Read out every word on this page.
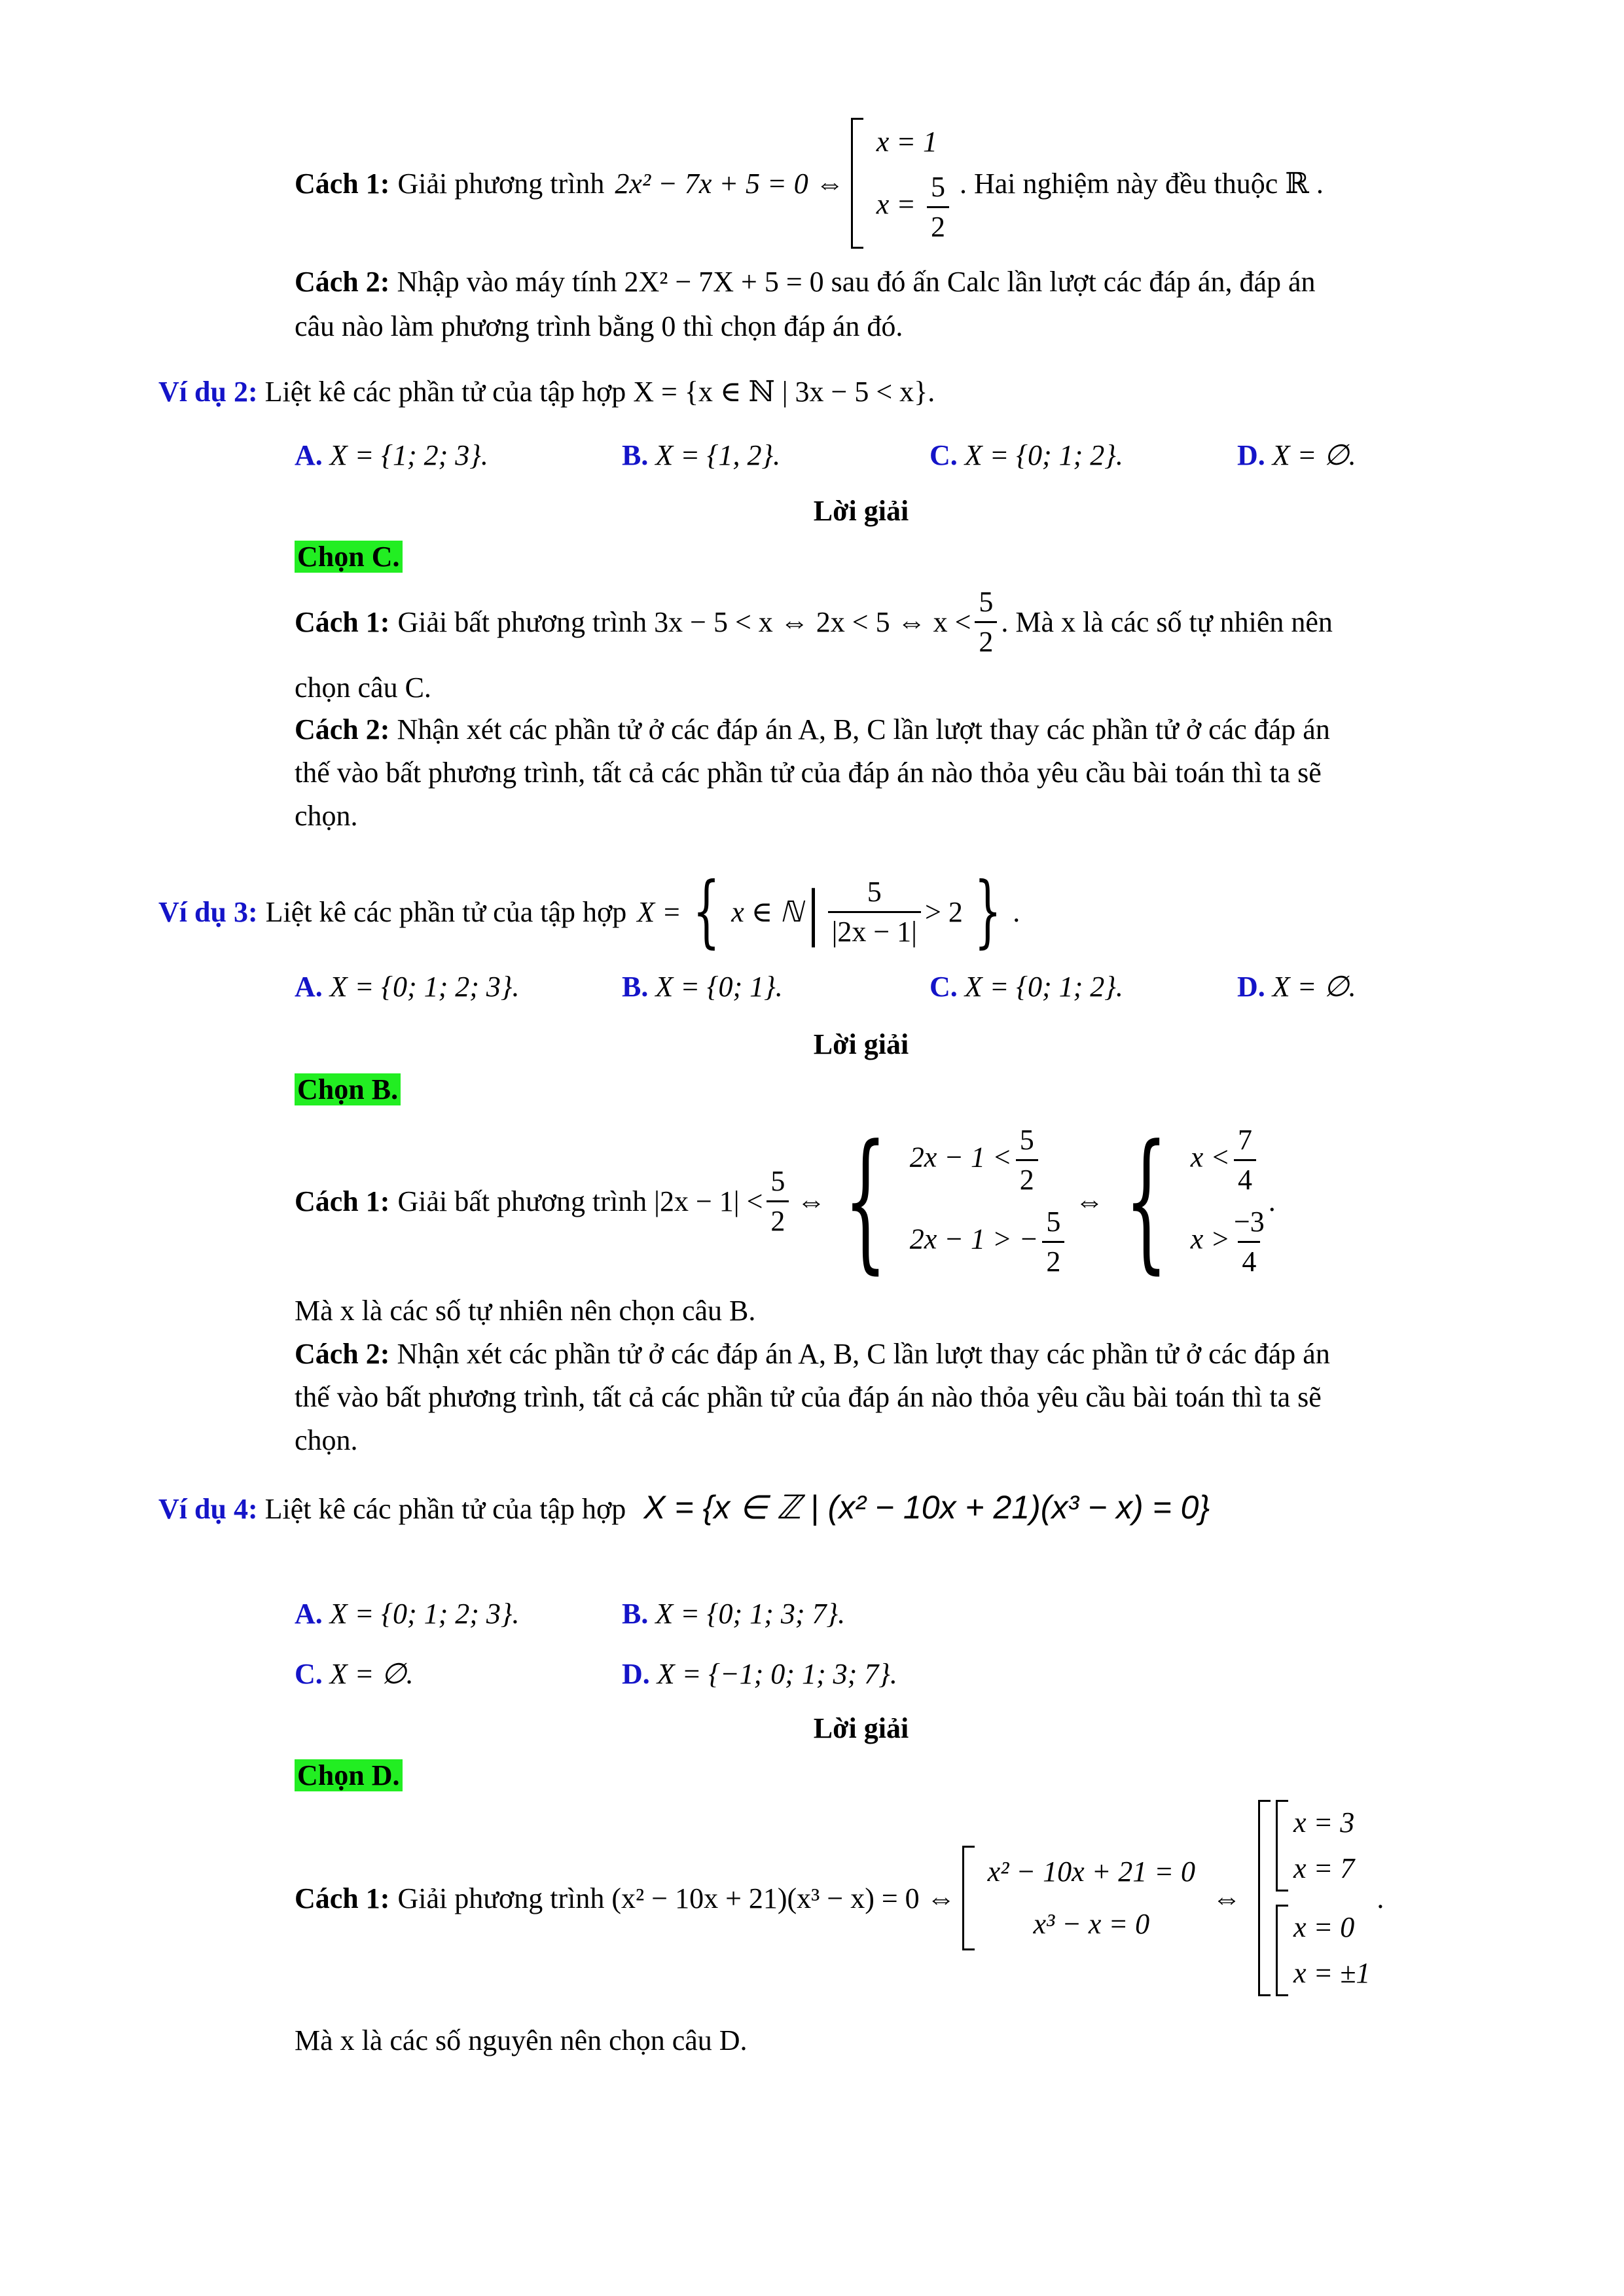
Cách 1: Giải phương trình 2x² − 7x + 5 = 0 ⇔
x = 1
$x = \frac{5}{2}$ . Hai nghiệm này đều thuộc ℝ .
Cách 2: Nhập vào máy tính 2X² − 7X + 5 = 0 sau đó ấn Calc lần lượt các đáp án, đáp án
câu nào làm phương trình bằng 0 thì chọn đáp án đó.
Ví dụ 2: Liệt kê các phần tử của tập hợp X = {x ∈ ℕ | 3x − 5 < x}.
A. X = {1; 2; 3}.	B. X = {1, 2}.	C. X = {0; 1; 2}.	D. X = ∅.
Lời giải
Chọn C.
Cách 1: Giải bất phương trình 3x − 5 < x ⇔ 2x < 5 ⇔ $x < \frac{5}{2}$ . Mà x là các số tự nhiên nên
chọn câu C.
Cách 2: Nhận xét các phần tử ở các đáp án A, B, C lần lượt thay các phần tử ở các đáp án
thế vào bất phương trình, tất cả các phần tử của đáp án nào thỏa yêu cầu bài toán thì ta sẽ
chọn.
Ví dụ 3: Liệt kê các phần tử của tập hợp X = { x ∈ ℕ | $\frac{5}{|2x - 1|} > 2$ } .
A. X = {0; 1; 2; 3}.	B. X = {0; 1}.	C. X = {0; 1; 2}.	D. X = ∅.
Lời giải
Chọn B.
Cách 1: Giải bất phương trình $|2x - 1| < \frac{5}{2}$ ⇔ { $2x - 1 < \frac{5}{2}$
2x − 1 > − $\frac{5}{2}$
⇔ { $x < \frac{7}{4}$
$x > \frac{-3}{4}$
.
Mà x là các số tự nhiên nên chọn câu B.
Cách 2: Nhận xét các phần tử ở các đáp án A, B, C lần lượt thay các phần tử ở các đáp án
thế vào bất phương trình, tất cả các phần tử của đáp án nào thỏa yêu cầu bài toán thì ta sẽ
chọn.
Ví dụ 4: Liệt kê các phần tử của tập hợp X = {x ∈ ℤ | (x² − 10x + 21)(x³ − x) = 0}
A. X = {0; 1; 2; 3}.	B. X = {0; 1; 3; 7}.
C. X = ∅.	D. X = {−1; 0; 1; 3; 7}.
Lời giải
Chọn D.
Cách 1: Giải phương trình (x² − 10x + 21)(x³ − x) = 0 ⇔
x² − 10x + 21 = 0
x³ − x = 0
⇔
x = 3
x = 7
x = 0
x = ±1
.
Mà x là các số nguyên nên chọn câu D.
